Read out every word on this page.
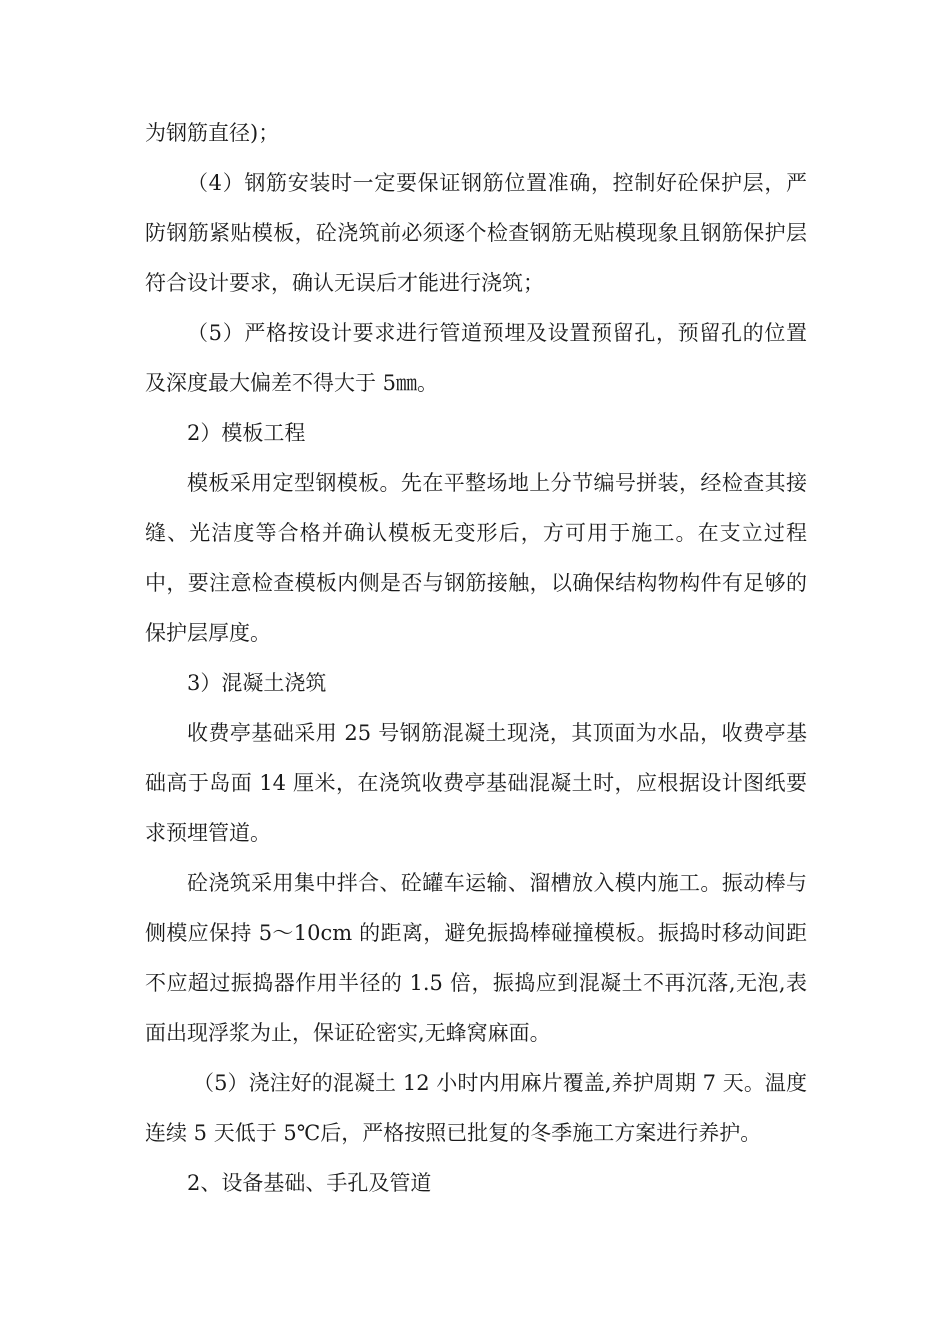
为钢筋直径)；

（4）钢筋安装时一定要保证钢筋位置准确，控制好砼保护层，严防钢筋紧贴模板，砼浇筑前必须逐个检查钢筋无贴模现象且钢筋保护层符合设计要求，确认无误后才能进行浇筑；

（5）严格按设计要求进行管道预埋及设置预留孔，预留孔的位置及深度最大偏差不得大于 5㎜。

2）模板工程

模板采用定型钢模板。先在平整场地上分节编号拼装，经检查其接缝、光洁度等合格并确认模板无变形后，方可用于施工。在支立过程中，要注意检查模板内侧是否与钢筋接触，以确保结构物构件有足够的保护层厚度。

3）混凝土浇筑

收费亭基础采用 25 号钢筋混凝土现浇，其顶面为水品，收费亭基础高于岛面 14 厘米，在浇筑收费亭基础混凝土时，应根据设计图纸要求预埋管道。

砼浇筑采用集中拌合、砼罐车运输、溜槽放入模内施工。振动棒与侧模应保持 5～10cm 的距离，避免振捣棒碰撞模板。振捣时移动间距不应超过振捣器作用半径的 1.5 倍，振捣应到混凝土不再沉落,无泡,表面出现浮浆为止，保证砼密实,无蜂窝麻面。

（5）浇注好的混凝土 12 小时内用麻片覆盖,养护周期 7 天。温度连续 5 天低于 5℃后，严格按照已批复的冬季施工方案进行养护。

2、设备基础、手孔及管道
